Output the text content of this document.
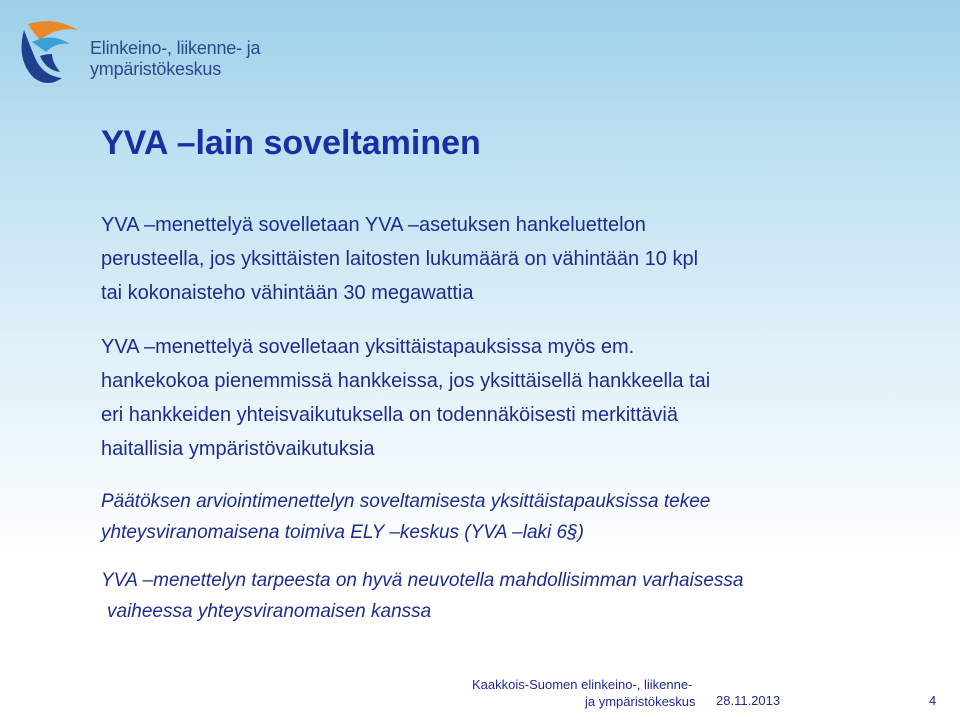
Elinkeino-, liikenne- ja
ympäristökeskus
YVA –lain soveltaminen

YVA –menettelyä sovelletaan YVA –asetuksen hankeluettelon
perusteella, jos yksittäisten laitosten lukumäärä on vähintään 10 kpl
tai kokonaisteho vähintään 30 megawattia

YVA –menettelyä sovelletaan yksittäistapauksissa myös em.
hankekokoa pienemmissä hankkeissa, jos yksittäisellä hankkeella tai
eri hankkeiden yhteisvaikutuksella on todennäköisesti merkittäviä
haitallisia ympäristövaikutuksia

Päätöksen arviointimenettelyn soveltamisesta yksittäistapauksissa tekee
yhteysviranomaisena toimiva ELY –keskus (YVA –laki 6§)

YVA –menettelyn tarpeesta on hyvä neuvotella mahdollisimman varhaisessa
vaiheessa yhteysviranomaisen kanssa

Kaakkois-Suomen elinkeino-, liikenne-
ja ympäristökeskus 28.11.2013	4
